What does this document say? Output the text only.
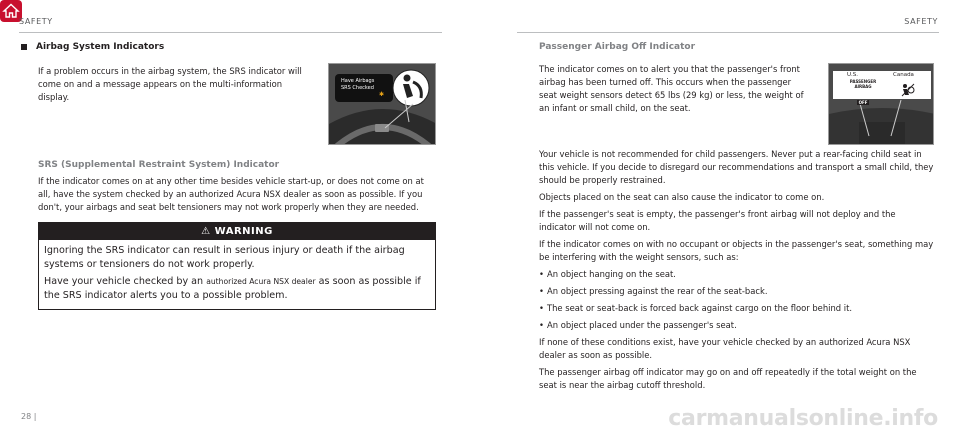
SAFETY	SAFETY
Airbag System Indicators

If a problem occurs in the airbag system, the SRS indicator will come on and a message appears on the multi-information display.

SRS (Supplemental Restraint System) Indicator

If the indicator comes on at any other time besides vehicle start-up, or does not come on at all, have the system checked by an authorized Acura NSX dealer as soon as possible. If you don't, your airbags and seat belt tensioners may not work properly when they are needed.

⚠ WARNING

Ignoring the SRS indicator can result in serious injury or death if the airbag systems or tensioners do not work properly.

Have your vehicle checked by an authorized Acura NSX dealer as soon as possible if the SRS indicator alerts you to a possible problem.

Have Airbags
SRS Checked
✱
Passenger Airbag Off Indicator

The indicator comes on to alert you that the passenger's front airbag has been turned off. This occurs when the passenger seat weight sensors detect 65 lbs (29 kg) or less, the weight of an infant or small child, on the seat.

Your vehicle is not recommended for child passengers. Never put a rear-facing child seat in this vehicle. If you decide to disregard our recommendations and transport a small child, they should be properly restrained.

Objects placed on the seat can also cause the indicator to come on.

If the passenger's seat is empty, the passenger's front airbag will not deploy and the indicator will not come on.

If the indicator comes on with no occupant or objects in the passenger's seat, something may be interfering with the weight sensors, such as:

• An object hanging on the seat.
• An object pressing against the rear of the seat-back.
• The seat or seat-back is forced back against cargo on the floor behind it.
• An object placed under the passenger's seat.

If none of these conditions exist, have your vehicle checked by an authorized Acura NSX dealer as soon as possible.

The passenger airbag off indicator may go on and off repeatedly if the total weight on the seat is near the airbag cutoff threshold.

U.S.	Canada
PASSENGER
AIRBAG
OFF
28 |	carmanualsonline.info
